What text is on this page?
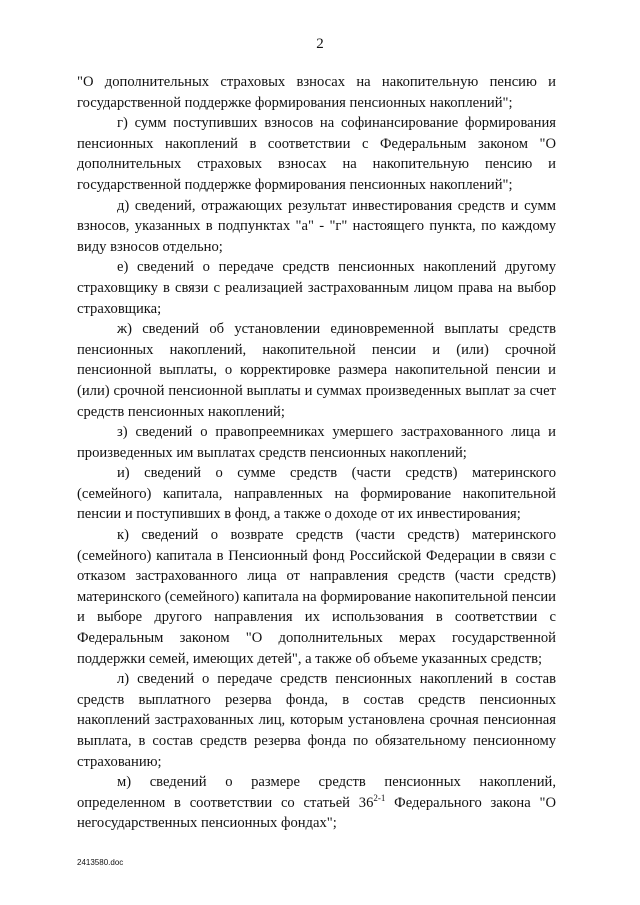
2

"О дополнительных страховых взносах на накопительную пенсию и государственной поддержке формирования пенсионных накоплений";

г) сумм поступивших взносов на софинансирование формирования пенсионных накоплений в соответствии с Федеральным законом "О дополнительных страховых взносах на накопительную пенсию и государственной поддержке формирования пенсионных накоплений";

д) сведений, отражающих результат инвестирования средств и сумм взносов, указанных в подпунктах "а" - "г" настоящего пункта, по каждому виду взносов отдельно;

е) сведений о передаче средств пенсионных накоплений другому страховщику в связи с реализацией застрахованным лицом права на выбор страховщика;

ж) сведений об установлении единовременной выплаты средств пенсионных накоплений, накопительной пенсии и (или) срочной пенсионной выплаты, о корректировке размера накопительной пенсии и (или) срочной пенсионной выплаты и суммах произведенных выплат за счет средств пенсионных накоплений;

з) сведений о правопреемниках умершего застрахованного лица и произведенных им выплатах средств пенсионных накоплений;

и) сведений о сумме средств (части средств) материнского (семейного) капитала, направленных на формирование накопительной пенсии и поступивших в фонд, а также о доходе от их инвестирования;

к) сведений о возврате средств (части средств) материнского (семейного) капитала в Пенсионный фонд Российской Федерации в связи с отказом застрахованного лица от направления средств (части средств) материнского (семейного) капитала на формирование накопительной пенсии и выборе другого направления их использования в соответствии с Федеральным законом "О дополнительных мерах государственной поддержки семей, имеющих детей", а также об объеме указанных средств;

л) сведений о передаче средств пенсионных накоплений в состав средств выплатного резерва фонда, в состав средств пенсионных накоплений застрахованных лиц, которым установлена срочная пенсионная выплата, в состав средств резерва фонда по обязательному пенсионному страхованию;

м) сведений о размере средств пенсионных накоплений, определенном в соответствии со статьей 36$^{2-1}$ Федерального закона "О негосударственных пенсионных фондах";

2413580.doc
